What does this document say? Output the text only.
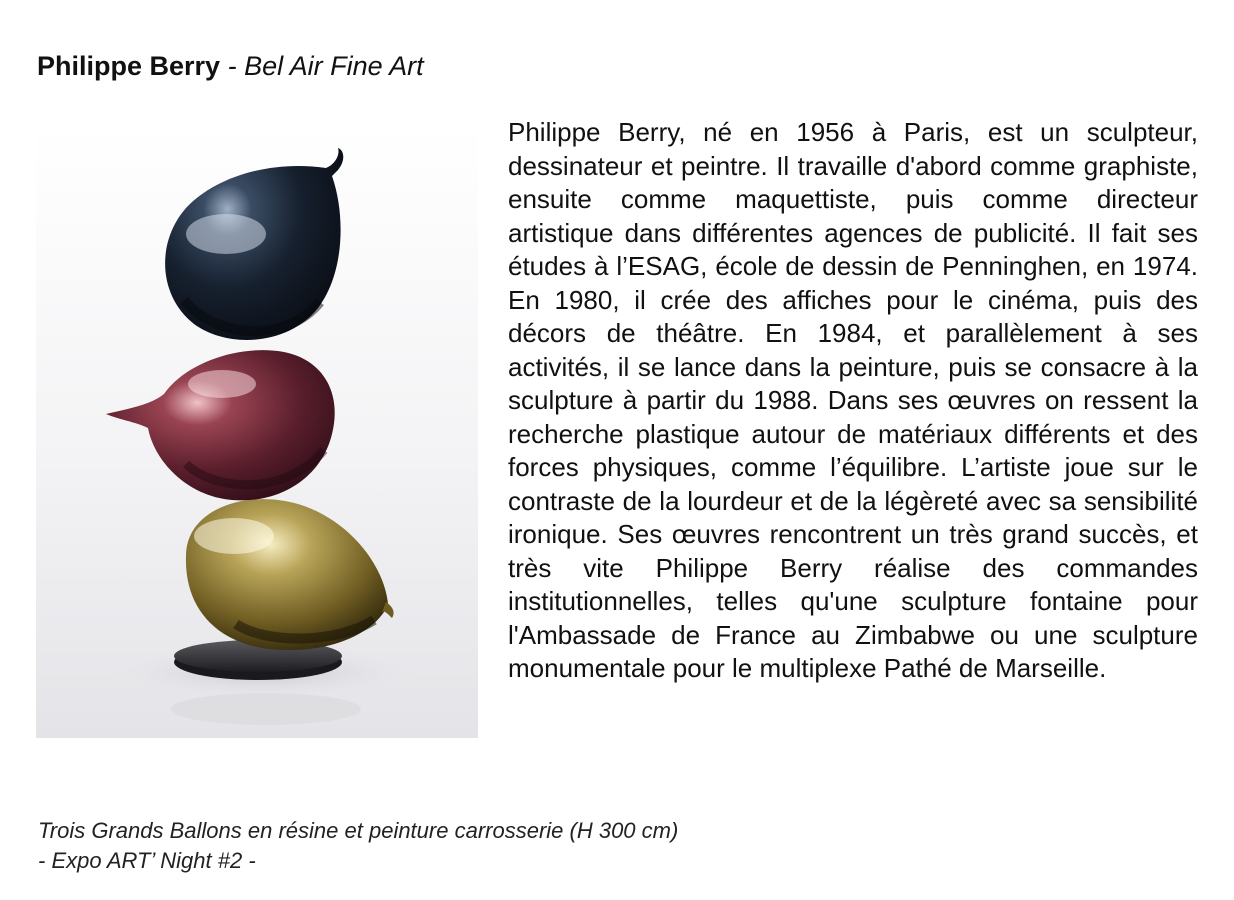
Philippe Berry - Bel Air Fine Art

Philippe Berry, né en 1956 à Paris, est un sculpteur, dessinateur et peintre. Il travaille d'abord comme graphiste, ensuite comme maquettiste, puis comme directeur artistique dans différentes agences de publicité. Il fait ses études à l’ESAG, école de dessin de Penninghen, en 1974. En 1980, il crée des affiches pour le cinéma, puis des décors de théâtre. En 1984, et parallèlement à ses activités, il se lance dans la peinture, puis se consacre à la sculpture à partir du 1988. Dans ses œuvres on ressent la recherche plastique autour de matériaux différents et des forces physiques, comme l’équilibre. L’artiste joue sur le contraste de la lourdeur et de la légèreté avec sa sensibilité ironique. Ses œuvres rencontrent un très grand succès, et très vite Philippe Berry réalise des commandes institutionnelles, telles qu'une sculpture fontaine pour l'Ambassade de France au Zimbabwe ou une sculpture monumentale pour le multiplexe Pathé de Marseille.

Trois Grands Ballons en résine et peinture carrosserie (H 300 cm)
- Expo ART’ Night #2 -
